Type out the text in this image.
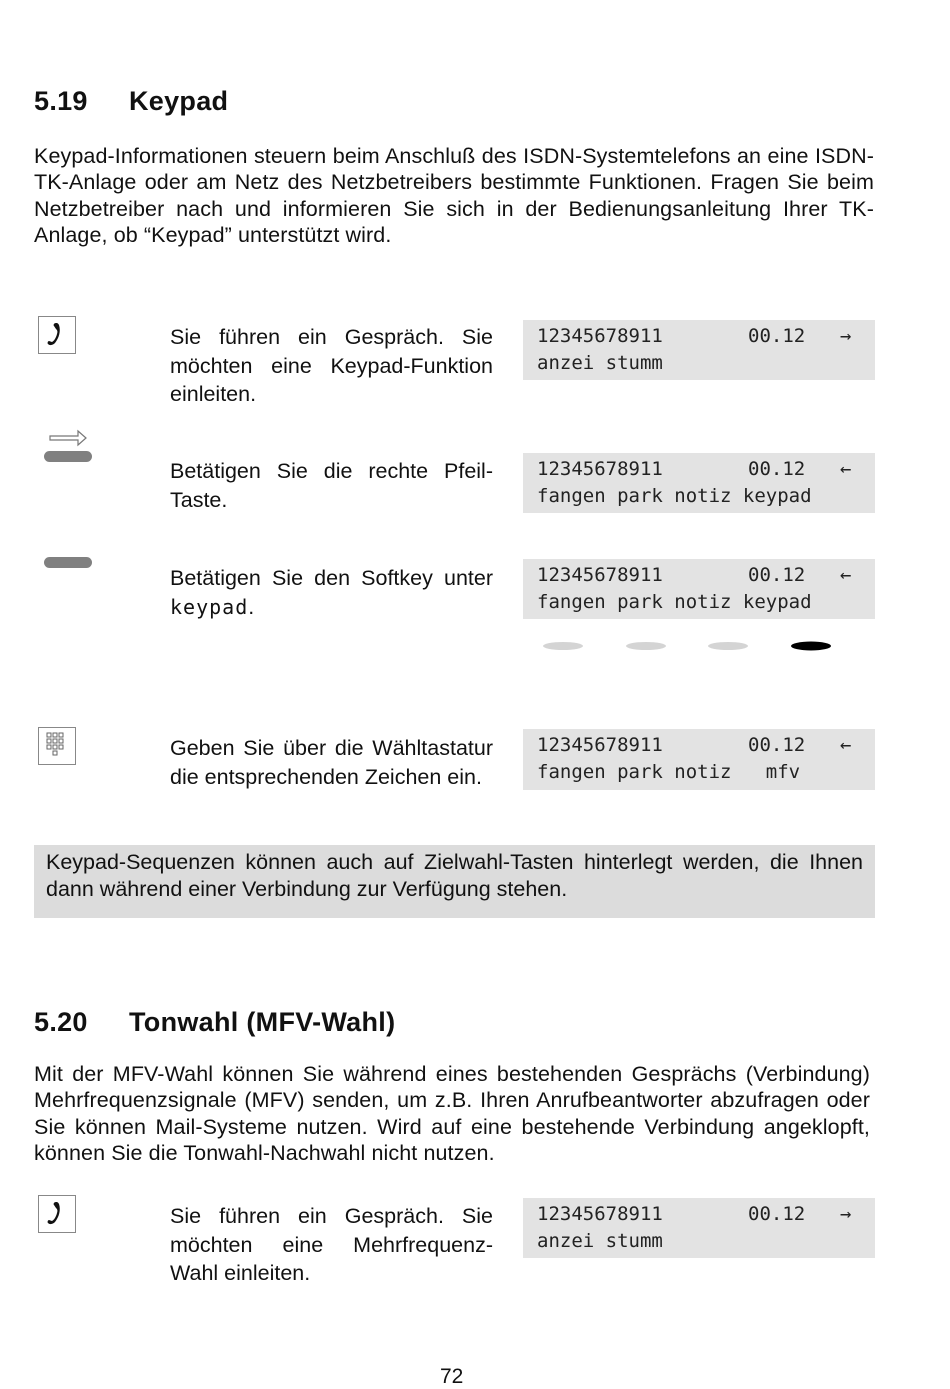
5.19 Keypad
Keypad-Informationen steuern beim Anschluß des ISDN-Systemtelefons an eine ISDN-TK-Anlage oder am Netz des Netzbetreibers bestimmte Funktionen. Fragen Sie beim Netzbetreiber nach und informieren Sie sich in der Bedienungsanleitung Ihrer TK-Anlage, ob “Keypad” unterstützt wird.
Sie führen ein Gespräch. Sie möchten eine Keypad-Funktion einleiten.
12345678911	00.12 →
anzei stumm
Betätigen Sie die rechte Pfeil-Taste.
12345678911	00.12 ←
fangen park notiz keypad
Betätigen Sie den Softkey unter keypad.
12345678911	00.12 ←
fangen park notiz keypad
Geben Sie über die Wähltastatur die entsprechenden Zeichen ein.
12345678911	00.12 ←
fangen park notiz   mfv
Keypad-Sequenzen können auch auf Zielwahl-Tasten hinterlegt werden, die Ihnen dann während einer Verbindung zur Verfügung stehen.
5.20 Tonwahl (MFV-Wahl)
Mit der MFV-Wahl können Sie während eines bestehenden Gesprächs (Verbindung) Mehrfrequenzsignale (MFV) senden, um z.B. Ihren Anrufbeantworter abzufragen oder Sie können Mail-Systeme nutzen. Wird auf eine bestehende Verbindung angeklopft, können Sie die Tonwahl-Nachwahl nicht nutzen.
Sie führen ein Gespräch. Sie möchten eine Mehrfrequenz-Wahl einleiten.
12345678911	00.12 →
anzei stumm
72
